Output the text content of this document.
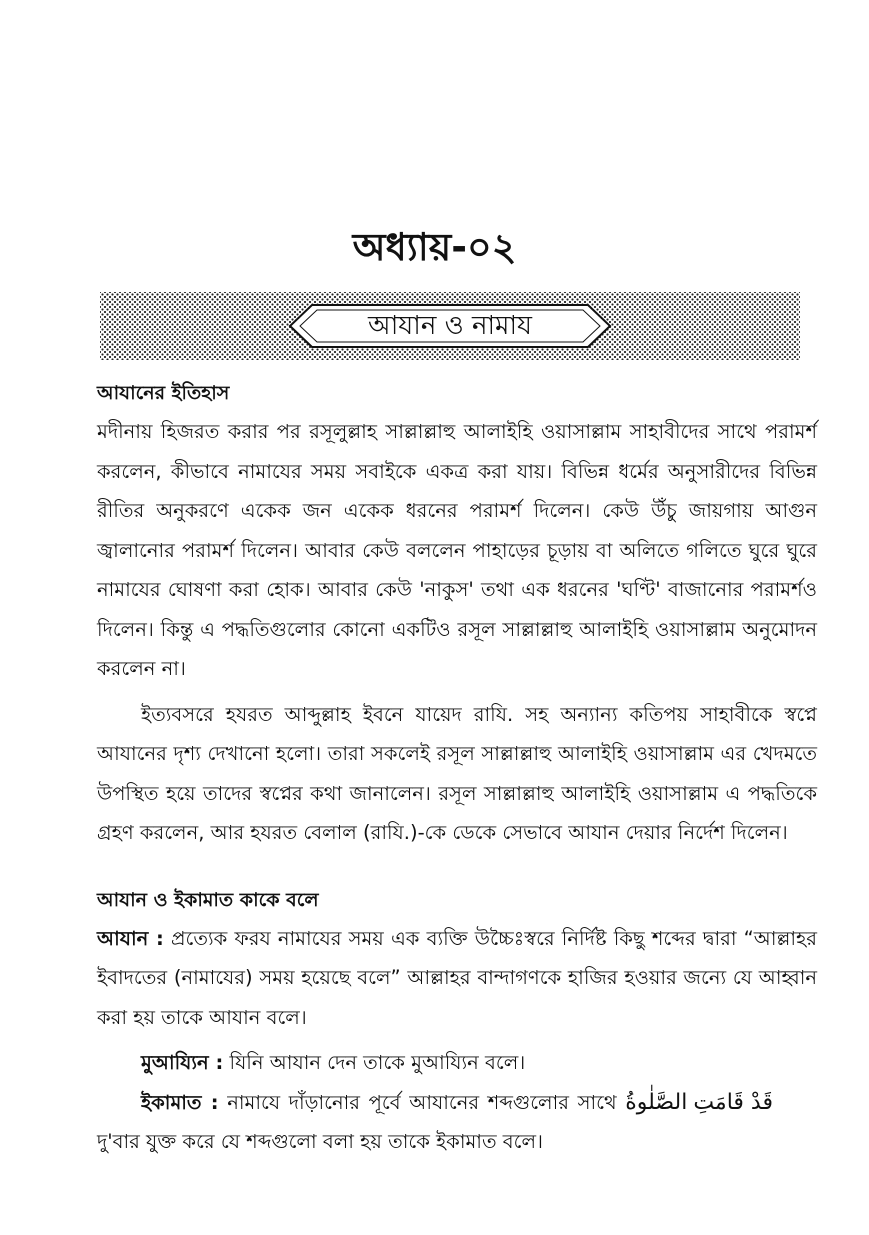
অধ্যায়-০২
আযান ও নামায
আযানের ইতিহাস

মদীনায় হিজরত করার পর রসূলুল্লাহ সাল্লাল্লাহু আলাইহি ওয়াসাল্লাম সাহাবীদের সাথে পরামর্শ করলেন, কীভাবে নামাযের সময় সবাইকে একত্র করা যায়। বিভিন্ন ধর্মের অনুসারীদের বিভিন্ন রীতির অনুকরণে একেক জন একেক ধরনের পরামর্শ দিলেন। কেউ উঁচু জায়গায় আগুন জ্বালানোর পরামর্শ দিলেন। আবার কেউ বললেন পাহাড়ের চূড়ায় বা অলিতে গলিতে ঘুরে ঘুরে নামাযের ঘোষণা করা হোক। আবার কেউ 'নাকুস' তথা এক ধরনের 'ঘণ্টি' বাজানোর পরামর্শও দিলেন। কিন্তু এ পদ্ধতিগুলোর কোনো একটিও রসূল সাল্লাল্লাহু আলাইহি ওয়াসাল্লাম অনুমোদন করলেন না।

ইত্যবসরে হযরত আব্দুল্লাহ ইবনে যায়েদ রাযি. সহ অন্যান্য কতিপয় সাহাবীকে স্বপ্নে আযানের দৃশ্য দেখানো হলো। তারা সকলেই রসূল সাল্লাল্লাহু আলাইহি ওয়াসাল্লাম এর খেদমতে উপস্থিত হয়ে তাদের স্বপ্নের কথা জানালেন। রসূল সাল্লাল্লাহু আলাইহি ওয়াসাল্লাম এ পদ্ধতিকে গ্রহণ করলেন, আর হযরত বেলাল (রাযি.)-কে ডেকে সেভাবে আযান দেয়ার নির্দেশ দিলেন।

আযান ও ইকামাত কাকে বলে

আযান : প্রত্যেক ফরয নামাযের সময় এক ব্যক্তি উচ্চৈঃস্বরে নির্দিষ্ট কিছু শব্দের দ্বারা “আল্লাহর ইবাদতের (নামাযের) সময় হয়েছে বলে” আল্লাহর বান্দাগণকে হাজির হওয়ার জন্যে যে আহ্বান করা হয় তাকে আযান বলে।

মুআয্যিন : যিনি আযান দেন তাকে মুআয্যিন বলে।

قَدْ قَامَتِ
ইকামাত : নামাযে দাঁড়ানোর পূর্বে আযানের শব্দগুলোর সাথে الصَّلٰوةُ দু'বার যুক্ত করে যে শব্দগুলো বলা হয় তাকে ইকামাত বলে।
